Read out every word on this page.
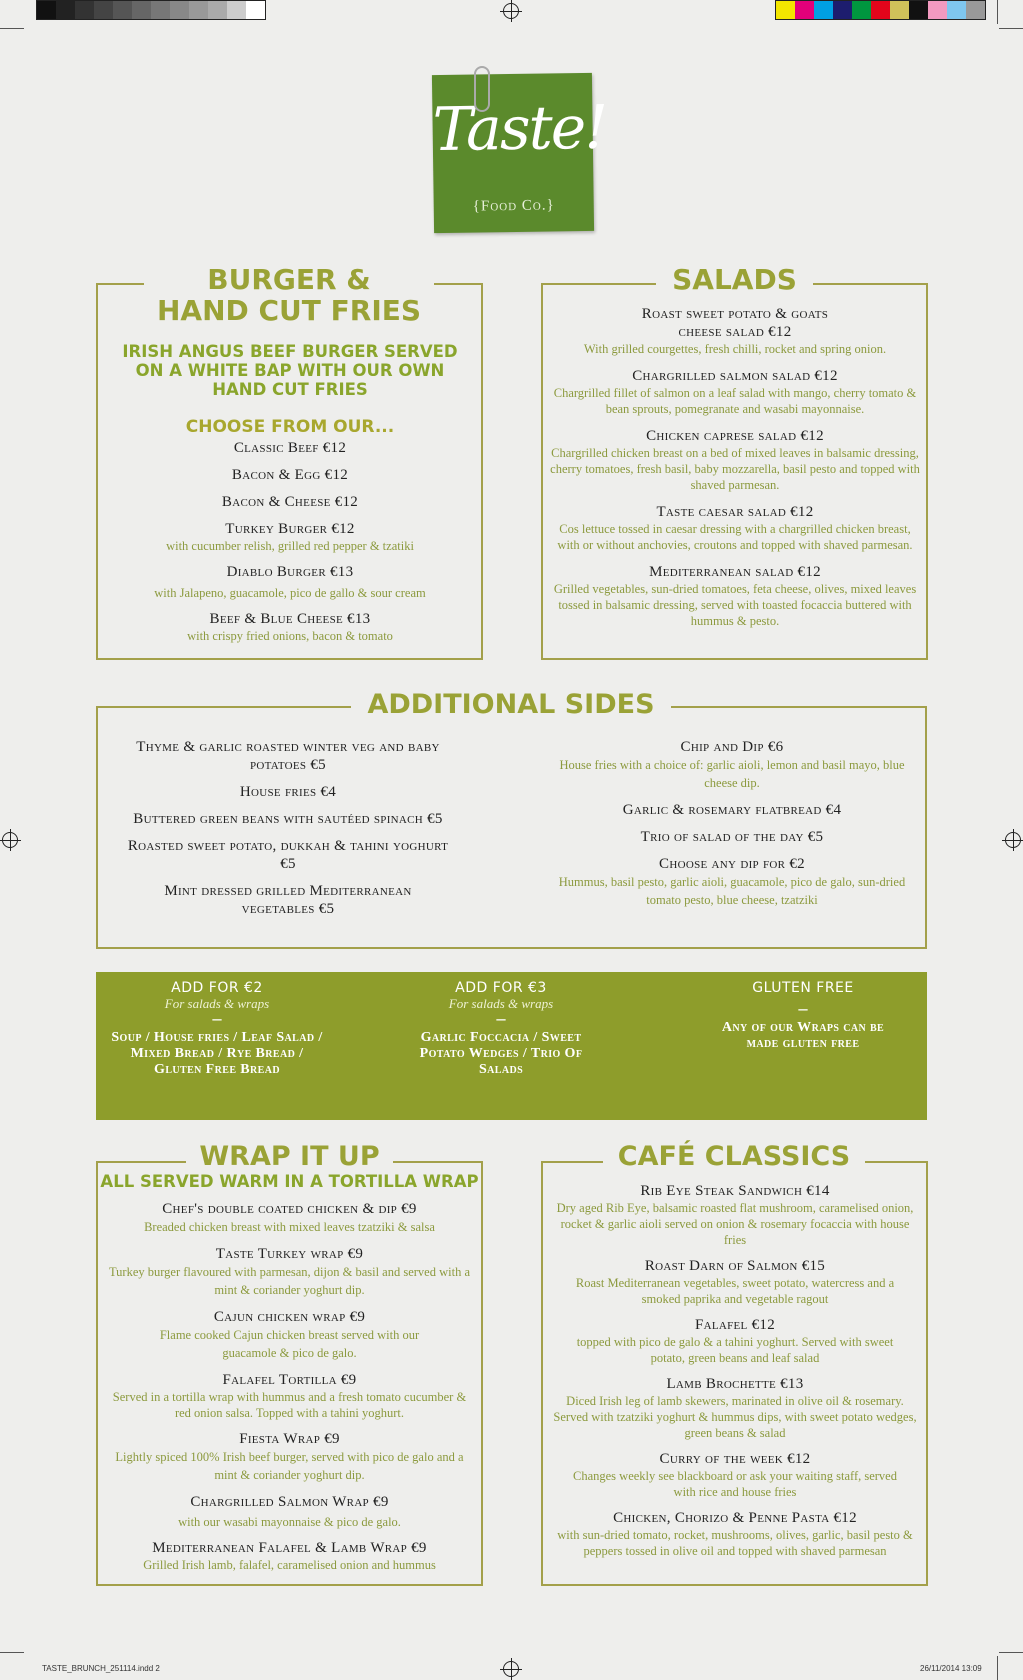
TASTE_BRUNCH_251114.indd 2	26/11/2014 13:09
Taste!
{Food Co.}
BURGER &
HAND CUT FRIES
IRISH ANGUS BEEF BURGER SERVED ON A WHITE BAP WITH OUR OWN HAND CUT FRIES
CHOOSE FROM OUR...
Classic Beef €12
Bacon & Egg €12
Bacon & Cheese €12
Turkey Burger €12
with cucumber relish, grilled red pepper & tzatiki
Diablo Burger €13
with Jalapeno, guacamole, pico de gallo & sour cream
Beef & Blue Cheese €13
with crispy fried onions, bacon & tomato
SALADS
Roast sweet potato & goats cheese salad €12
With grilled courgettes, fresh chilli, rocket and spring onion.
Chargrilled salmon salad €12
Chargrilled fillet of salmon on a leaf salad with mango, cherry tomato & bean sprouts, pomegranate and wasabi mayonnaise.
Chicken caprese salad €12
Chargrilled chicken breast on a bed of mixed leaves in balsamic dressing, cherry tomatoes, fresh basil, baby mozzarella, basil pesto and topped with shaved parmesan.
Taste caesar salad €12
Cos lettuce tossed in caesar dressing with a chargrilled chicken breast, with or without anchovies, croutons and topped with shaved parmesan.
Mediterranean salad €12
Grilled vegetables, sun-dried tomatoes, feta cheese, olives, mixed leaves tossed in balsamic dressing, served with toasted focaccia buttered with hummus & pesto.
ADDITIONAL SIDES
Thyme & garlic roasted winter veg and baby potatoes €5
House fries €4
Buttered green beans with sautéed spinach €5
Roasted sweet potato, dukkah & tahini yoghurt €5
Mint dressed grilled Mediterranean vegetables €5
Chip and Dip €6
House fries with a choice of: garlic aioli, lemon and basil mayo, blue cheese dip.
Garlic & rosemary flatbread €4
Trio of salad of the day €5
Choose any dip for €2
Hummus, basil pesto, garlic aioli, guacamole, pico de galo, sun-dried tomato pesto, blue cheese, tzatziki
ADD FOR €2
For salads & wraps
–
Soup / House fries / Leaf Salad / Mixed Bread / Rye Bread / Gluten Free Bread
ADD FOR €3
For salads & wraps
–
Garlic Foccacia / Sweet Potato Wedges / Trio Of Salads
GLUTEN FREE
–
Any of our Wraps can be made gluten free
WRAP IT UP
ALL SERVED WARM IN A TORTILLA WRAP
Chef's double coated chicken & dip €9
Breaded chicken breast with mixed leaves tzatziki & salsa
Taste Turkey wrap €9
Turkey burger flavoured with parmesan, dijon & basil and served with a mint & coriander yoghurt dip.
Cajun chicken wrap €9
Flame cooked Cajun chicken breast served with our guacamole & pico de galo.
Falafel Tortilla €9
Served in a tortilla wrap with hummus and a fresh tomato cucumber & red onion salsa. Topped with a tahini yoghurt.
Fiesta Wrap €9
Lightly spiced 100% Irish beef burger, served with pico de galo and a mint & coriander yoghurt dip.
Chargrilled Salmon Wrap €9
with our wasabi mayonnaise & pico de galo.
Mediterranean Falafel & Lamb Wrap €9
Grilled Irish lamb, falafel, caramelised onion and hummus
CAFÉ CLASSICS
Rib Eye Steak Sandwich €14
Dry aged Rib Eye, balsamic roasted flat mushroom, caramelised onion, rocket & garlic aioli served on onion & rosemary focaccia with house fries
Roast Darn of Salmon €15
Roast Mediterranean vegetables, sweet potato, watercress and a smoked paprika and vegetable ragout
Falafel €12
topped with pico de galo & a tahini yoghurt. Served with sweet potato, green beans and leaf salad
Lamb Brochette €13
Diced Irish leg of lamb skewers, marinated in olive oil & rosemary. Served with tzatziki yoghurt & hummus dips, with sweet potato wedges, green beans & salad
Curry of the week €12
Changes weekly see blackboard or ask your waiting staff, served with rice and house fries
Chicken, Chorizo & Penne Pasta €12
with sun-dried tomato, rocket, mushrooms, olives, garlic, basil pesto & peppers tossed in olive oil and topped with shaved parmesan
